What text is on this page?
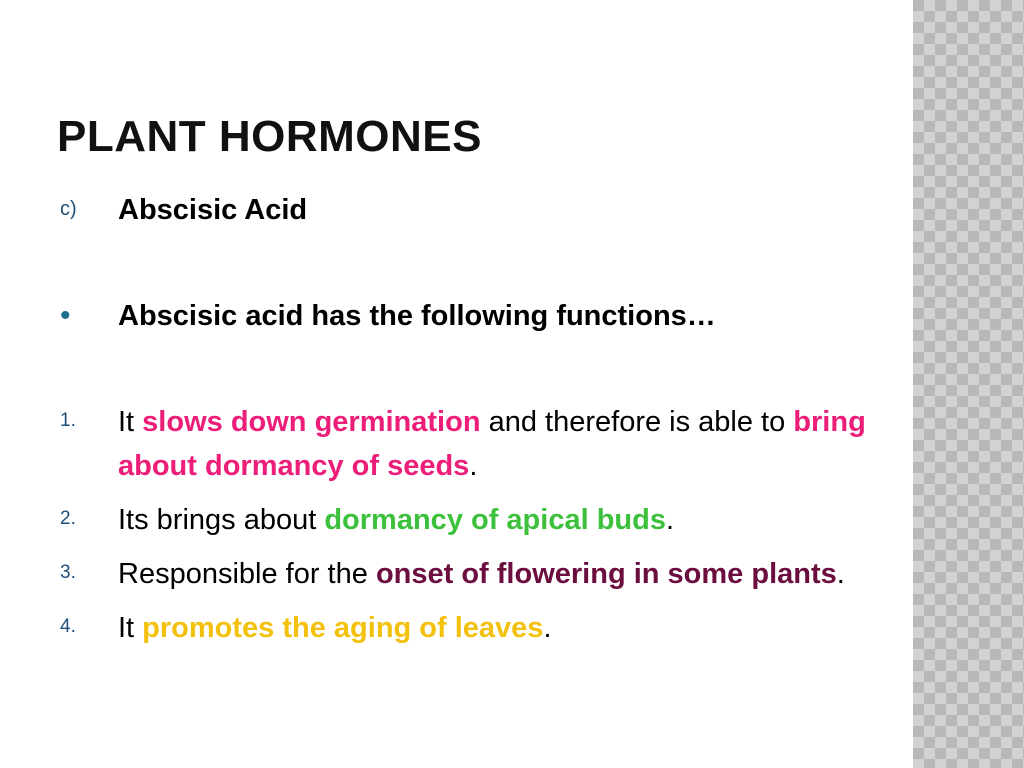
PLANT HORMONES
c)	Abscisic Acid
•	Abscisic acid has the following functions…
1.	It slows down germination and therefore is able to bring about dormancy of seeds.
2.	Its brings about dormancy of apical buds.
3.	Responsible for the onset of flowering in some plants.
4.	It promotes the aging of leaves.
